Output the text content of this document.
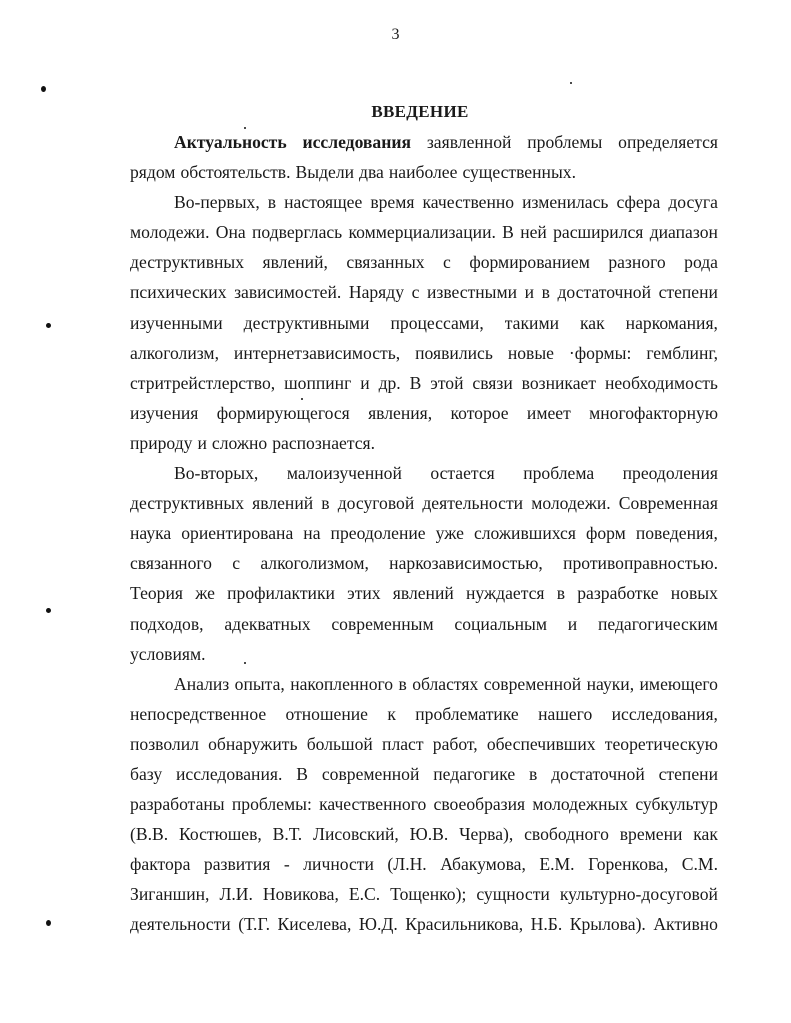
3
ВВЕДЕНИЕ
Актуальность исследования заявленной проблемы определяется
рядом обстоятельств. Выдели два наиболее существенных.
Во-первых, в настоящее время качественно изменилась сфера досуга
молодежи. Она подверглась коммерциализации. В ней расширился диапазон
деструктивных явлений, связанных с формированием разного рода
психических зависимостей. Наряду с известными и в достаточной степени
изученными деструктивными процессами, такими как наркомания,
алкоголизм, интернетзависимость, появились новые ·формы: гемблинг,
стритрейстлерство, шоппинг и др. В этой связи возникает необходимость
изучения формирующегося явления, которое имеет многофакторную
природу и сложно распознается.
Во-вторых, малоизученной остается проблема преодоления
деструктивных явлений в досуговой деятельности молодежи. Современная
наука ориентирована на преодоление уже сложившихся форм поведения,
связанного с алкоголизмом, наркозависимостью, противоправностью.
Теория же профилактики этих явлений нуждается в разработке новых
подходов, адекватных современным социальным и педагогическим
условиям.
Анализ опыта, накопленного в областях современной науки, имеющего
непосредственное отношение к проблематике нашего исследования,
позволил обнаружить большой пласт работ, обеспечивших теоретическую
базу исследования. В современной педагогике в достаточной степени
разработаны проблемы: качественного своеобразия молодежных субкультур
(В.В. Костюшев, В.Т. Лисовский, Ю.В. Черва), свободного времени как
фактора развития - личности (Л.Н. Абакумова, Е.М. Горенкова, С.М.
Зиганшин, Л.И. Новикова, Е.С. Тощенко); сущности культурно-досуговой
деятельности (Т.Г. Киселева, Ю.Д. Красильникова, Н.Б. Крылова). Активно
